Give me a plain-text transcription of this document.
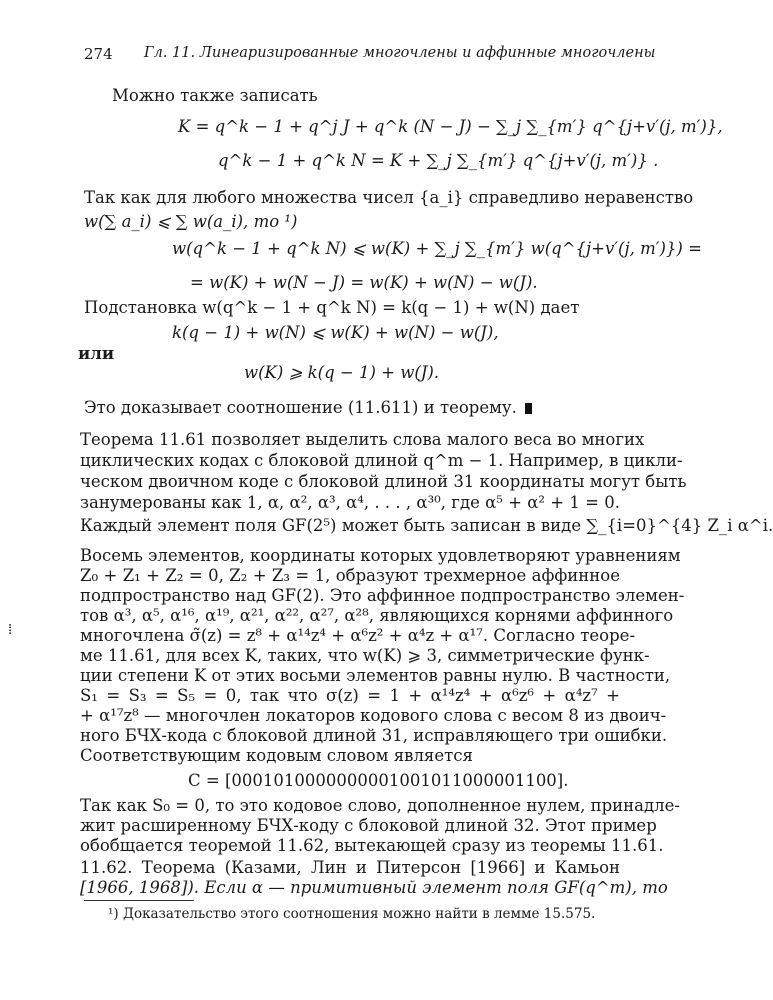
274 Гл. 11. Линеаризированные многочлены и аффинные многочлены
Можно также записать
K = q^k − 1 + q^j J + q^k (N − J) − ∑_j ∑_{m′} q^{j+v′(j, m′)},
q^k − 1 + q^k N = K + ∑_j ∑_{m′} q^{j+v′(j, m′)} .
Так как для любого множества чисел {a_i} справедливо неравенство
w(∑ a_i) ⩽ ∑ w(a_i), то ¹)
w(q^k − 1 + q^k N) ⩽ w(K) + ∑_j ∑_{m′} w(q^{j+v′(j, m′)}) =
= w(K) + w(N − J) = w(K) + w(N) − w(J).
Подстановка w(q^k − 1 + q^k N) = k(q − 1) + w(N) дает
k(q − 1) + w(N) ⩽ w(K) + w(N) − w(J),
или
w(K) ⩾ k(q − 1) + w(J).
Это доказывает соотношение (11.611) и теорему.
Теорема 11.61 позволяет выделить слова малого веса во многих
циклических кодах с блоковой длиной q^m − 1. Например, в цикли-
ческом двоичном коде с блоковой длиной 31 координаты могут быть
занумерованы как 1, α, α², α³, α⁴, . . . , α³⁰, где α⁵ + α² + 1 = 0.
Каждый элемент поля GF(2⁵) может быть записан в виде ∑_{i=0}^{4} Z_i α^i.
Восемь элементов, координаты которых удовлетворяют уравнениям
Z₀ + Z₁ + Z₂ = 0, Z₂ + Z₃ = 1, образуют трехмерное аффинное
подпространство над GF(2). Это аффинное подпространство элемен-
тов α³, α⁵, α¹⁶, α¹⁹, α²¹, α²², α²⁷, α²⁸, являющихся корнями аффинного
многочлена σ̃(z) = z⁸ + α¹⁴z⁴ + α⁶z² + α⁴z + α¹⁷. Согласно теоре-
ме 11.61, для всех K, таких, что w(K) ⩾ 3, симметрические функ-
ции степени K от этих восьми элементов равны нулю. В частности,
S₁ = S₃ = S₅ = 0, так что σ(z) = 1 + α¹⁴z⁴ + α⁶z⁶ + α⁴z⁷ +
+ α¹⁷z⁸ — многочлен локаторов кодового слова с весом 8 из двоич-
ного БЧХ-кода с блоковой длиной 31, исправляющего три ошибки.
Соответствующим кодовым словом является
C = [0001010000000001001011000001100].
Так как S₀ = 0, то это кодовое слово, дополненное нулем, принадле-
жит расширенному БЧХ-коду с блоковой длиной 32. Этот пример
обобщается теоремой 11.62, вытекающей сразу из теоремы 11.61.
11.62. Теорема (Казами, Лин и Питерсон [1966] и Камьон
[1966, 1968]). Если α — примитивный элемент поля GF(q^m), то
¹) Доказательство этого соотношения можно найти в лемме 15.575.
⁞
